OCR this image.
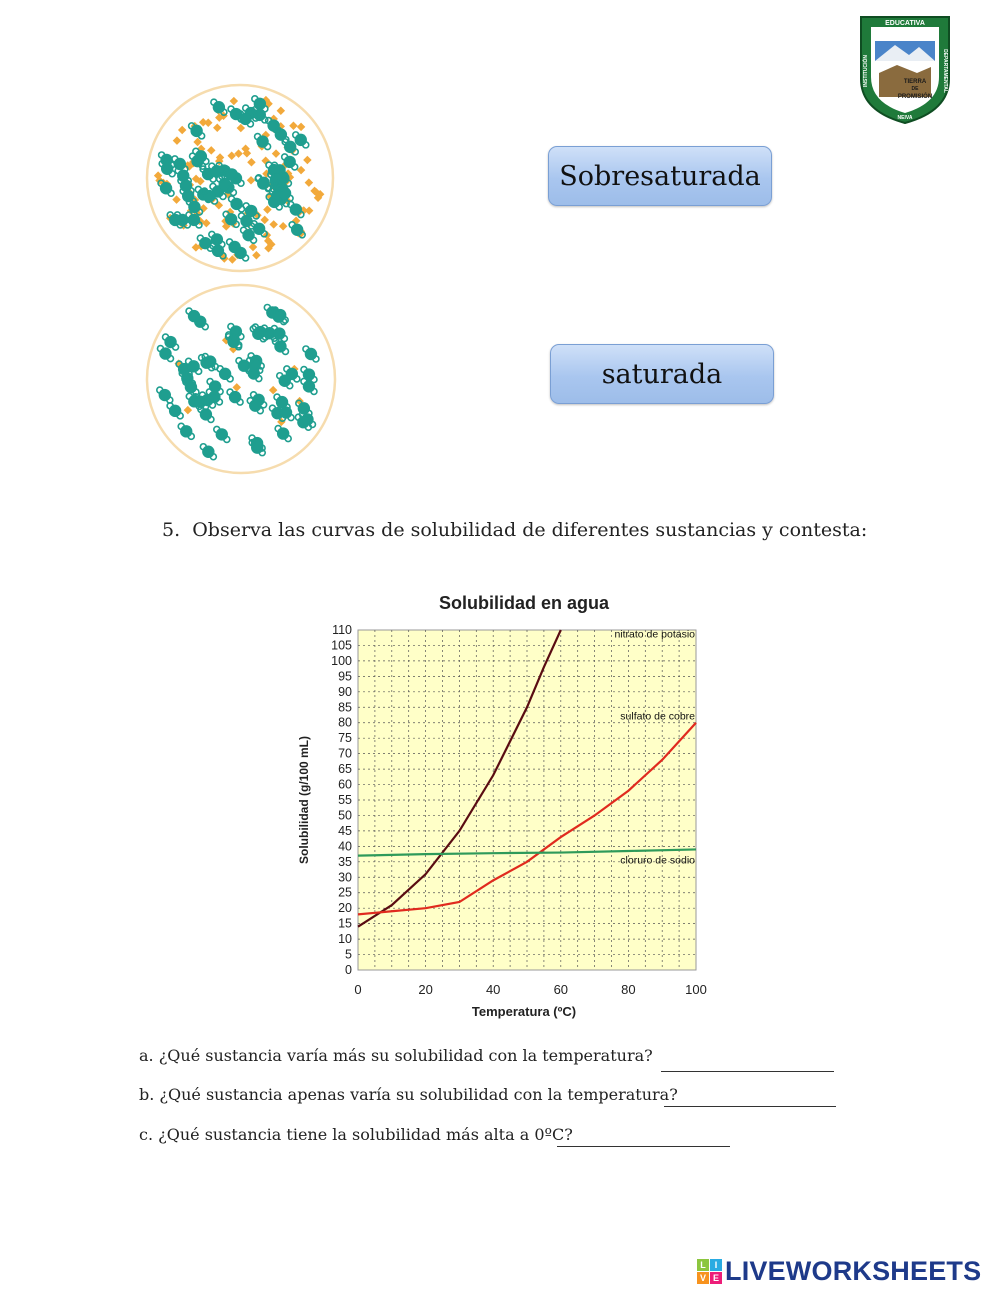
EDUCATIVA
NEIVA
INSTITUCIÓN	DEPARTAMENTAL
TIERRA
DE
PROMISIÓN
Sobresaturada
saturada
5. Observa las curvas de solubilidad de diferentes sustancias y contesta:
Solubilidad en agua
Temperatura (ºC)
Solubilidad (g/100 mL)
0
5
10
15
20
25
30
35
40
45
50
55
60
65
70
75
80
85
90
95
100
105
110
0	20	40	60	80	100
nitrato de potasio
sulfato de cobre
cloruro de sodio
a. ¿Qué sustancia varía más su solubilidad con la temperatura?
b. ¿Qué sustancia apenas varía su solubilidad con la temperatura?
c. ¿Qué sustancia tiene la solubilidad más alta a 0ºC?
L I
V E LIVEWORKSHEETS
